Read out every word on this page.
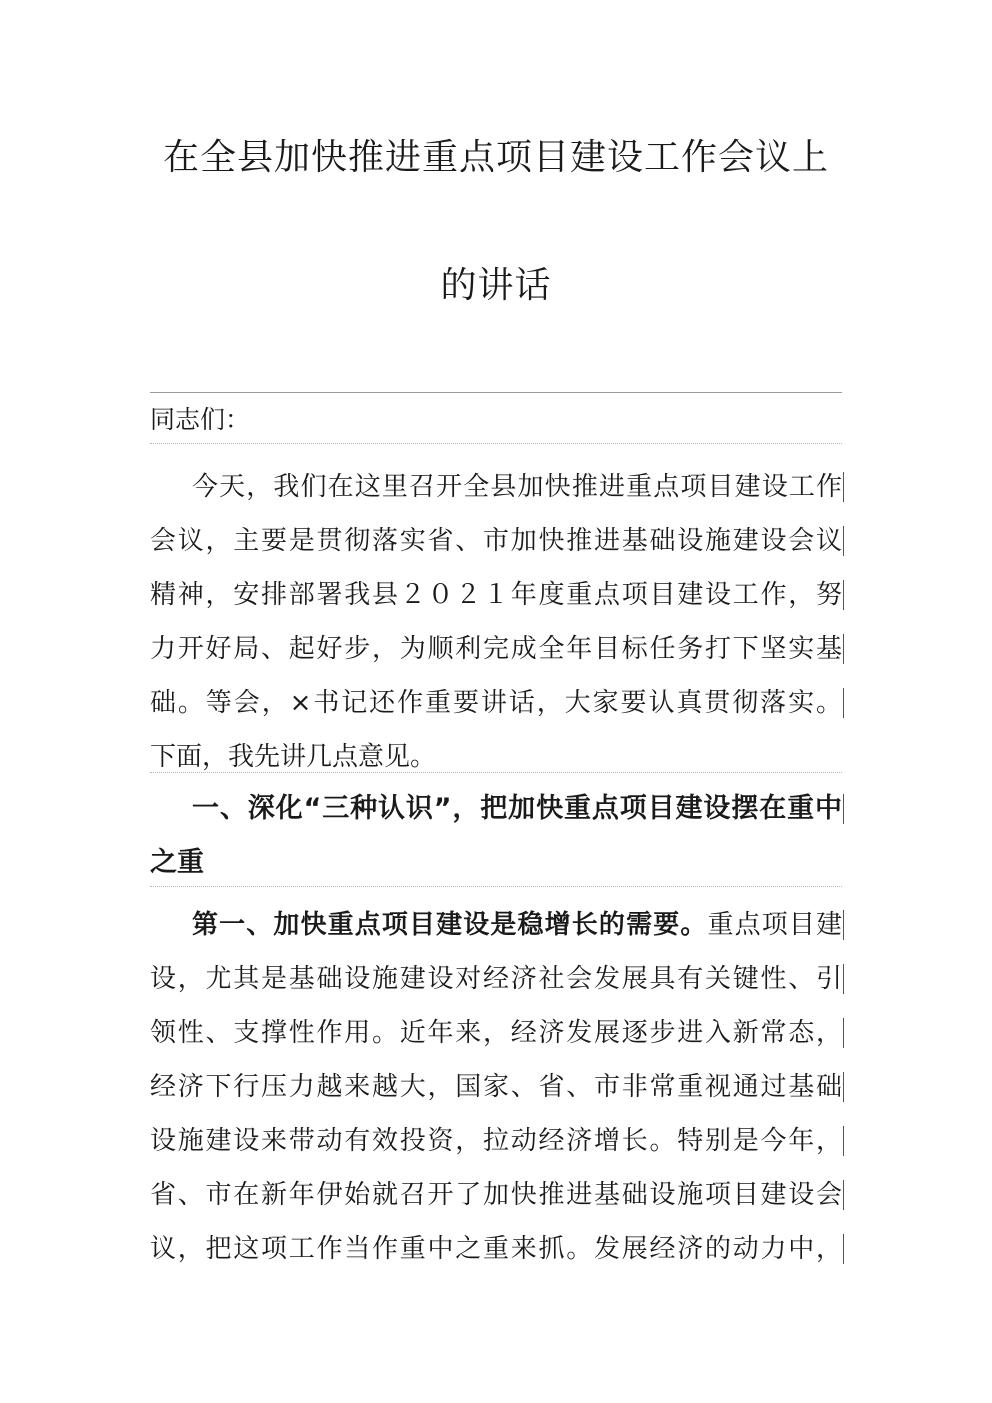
在全县加快推进重点项目建设工作会议上
的讲话
同志们：
今天，我们在这里召开全县加快推进重点项目建设工作
会议，主要是贯彻落实省、市加快推进基础设施建设会议
精神，安排部署我县２０２１年度重点项目建设工作，努
力开好局、起好步，为顺利完成全年目标任务打下坚实基
础。等会，×书记还作重要讲话，大家要认真贯彻落实。
下面，我先讲几点意见。
一、深化“三种认识”，把加快重点项目建设摆在重中
之重
第一、加快重点项目建设是稳增长的需要。重点项目建
设，尤其是基础设施建设对经济社会发展具有关键性、引
领性、支撑性作用。近年来，经济发展逐步进入新常态，
经济下行压力越来越大，国家、省、市非常重视通过基础
设施建设来带动有效投资，拉动经济增长。特别是今年，
省、市在新年伊始就召开了加快推进基础设施项目建设会
议，把这项工作当作重中之重来抓。发展经济的动力中，
